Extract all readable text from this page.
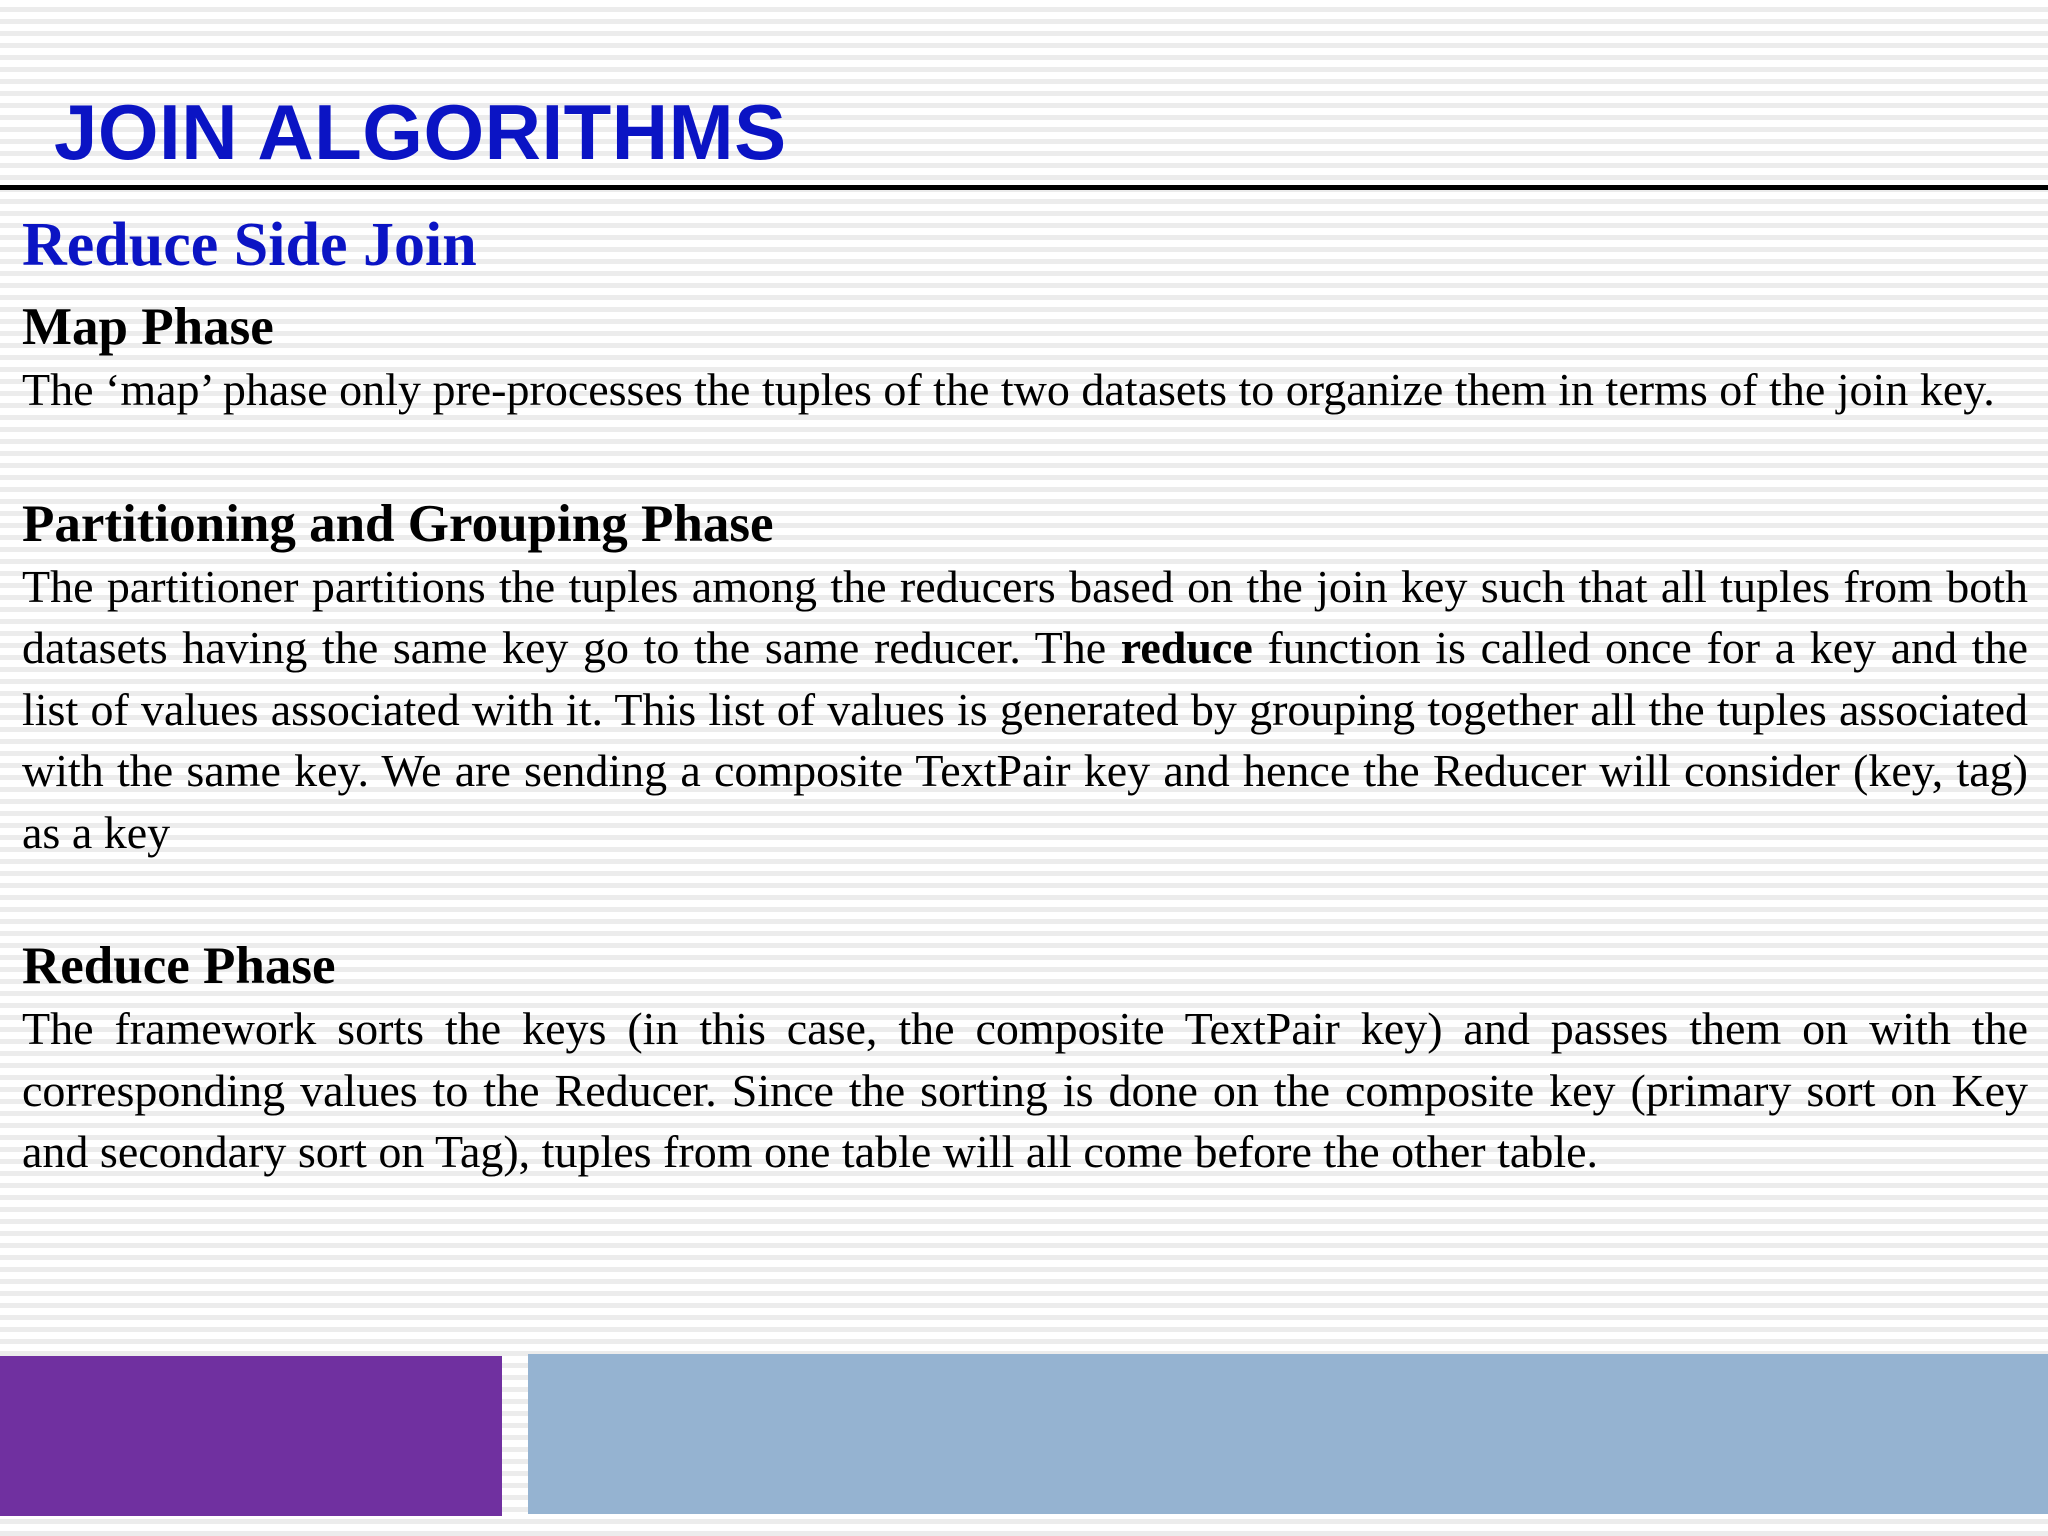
JOIN ALGORITHMS
Reduce Side Join
Map Phase

The ‘map’ phase only pre-processes the tuples of the two datasets to organize them in terms of the join key.

Partitioning and Grouping Phase

The partitioner partitions the tuples among the reducers based on the join key such that all tuples from both datasets having the same key go to the same reducer. The reduce function is called once for a key and the list of values associated with it. This list of values is generated by grouping together all the tuples associated with the same key. We are sending a composite TextPair key and hence the Reducer will consider (key, tag) as a key

Reduce Phase

The framework sorts the keys (in this case, the composite TextPair key) and passes them on with the corresponding values to the Reducer. Since the sorting is done on the composite key (primary sort on Key and secondary sort on Tag), tuples from one table will all come before the other table.
